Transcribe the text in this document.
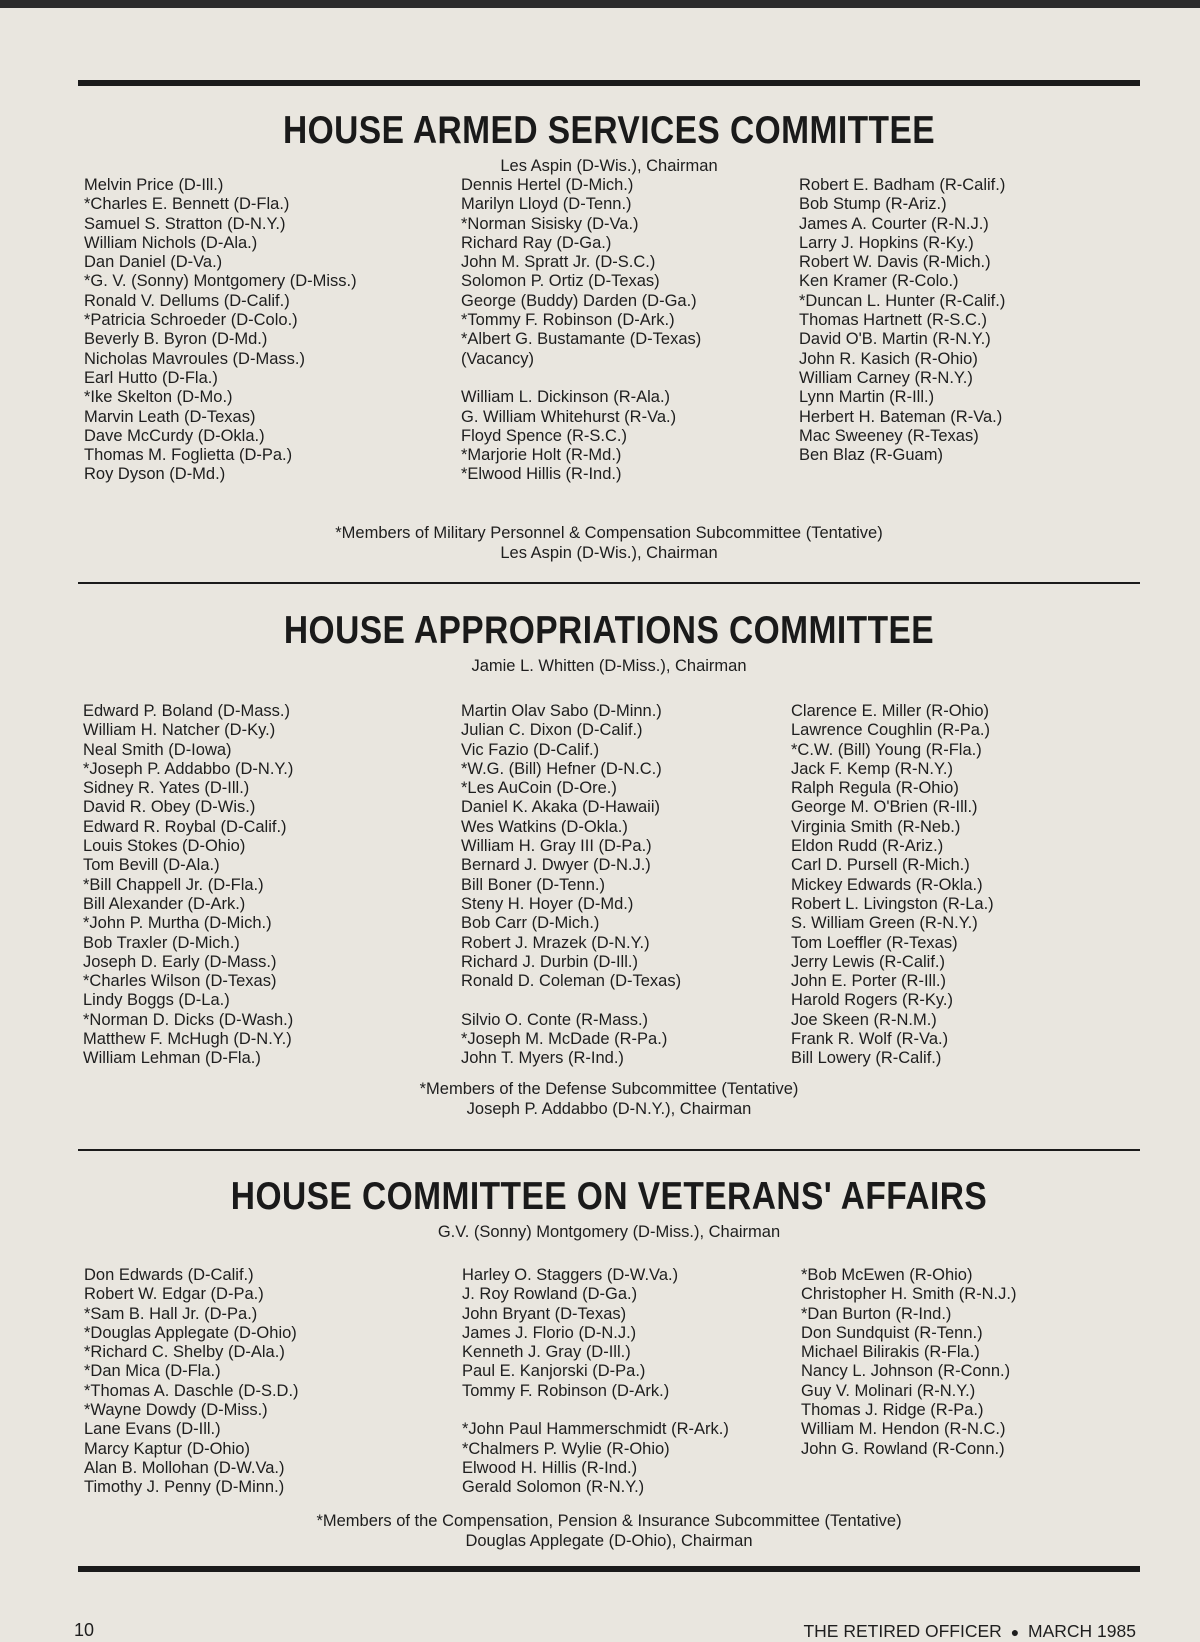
HOUSE ARMED SERVICES COMMITTEE
Les Aspin (D-Wis.), Chairman
Melvin Price (D-Ill.)
*Charles E. Bennett (D-Fla.)
Samuel S. Stratton (D-N.Y.)
William Nichols (D-Ala.)
Dan Daniel (D-Va.)
*G. V. (Sonny) Montgomery (D-Miss.)
Ronald V. Dellums (D-Calif.)
*Patricia Schroeder (D-Colo.)
Beverly B. Byron (D-Md.)
Nicholas Mavroules (D-Mass.)
Earl Hutto (D-Fla.)
*Ike Skelton (D-Mo.)
Marvin Leath (D-Texas)
Dave McCurdy (D-Okla.)
Thomas M. Foglietta (D-Pa.)
Roy Dyson (D-Md.)
Dennis Hertel (D-Mich.)
Marilyn Lloyd (D-Tenn.)
*Norman Sisisky (D-Va.)
Richard Ray (D-Ga.)
John M. Spratt Jr. (D-S.C.)
Solomon P. Ortiz (D-Texas)
George (Buddy) Darden (D-Ga.)
*Tommy F. Robinson (D-Ark.)
*Albert G. Bustamante (D-Texas)
(Vacancy)
William L. Dickinson (R-Ala.)
G. William Whitehurst (R-Va.)
Floyd Spence (R-S.C.)
*Marjorie Holt (R-Md.)
*Elwood Hillis (R-Ind.)
Robert E. Badham (R-Calif.)
Bob Stump (R-Ariz.)
James A. Courter (R-N.J.)
Larry J. Hopkins (R-Ky.)
Robert W. Davis (R-Mich.)
Ken Kramer (R-Colo.)
*Duncan L. Hunter (R-Calif.)
Thomas Hartnett (R-S.C.)
David O'B. Martin (R-N.Y.)
John R. Kasich (R-Ohio)
William Carney (R-N.Y.)
Lynn Martin (R-Ill.)
Herbert H. Bateman (R-Va.)
Mac Sweeney (R-Texas)
Ben Blaz (R-Guam)
*Members of Military Personnel & Compensation Subcommittee (Tentative)
Les Aspin (D-Wis.), Chairman
HOUSE APPROPRIATIONS COMMITTEE
Jamie L. Whitten (D-Miss.), Chairman
Edward P. Boland (D-Mass.)
William H. Natcher (D-Ky.)
Neal Smith (D-Iowa)
*Joseph P. Addabbo (D-N.Y.)
Sidney R. Yates (D-Ill.)
David R. Obey (D-Wis.)
Edward R. Roybal (D-Calif.)
Louis Stokes (D-Ohio)
Tom Bevill (D-Ala.)
*Bill Chappell Jr. (D-Fla.)
Bill Alexander (D-Ark.)
*John P. Murtha (D-Mich.)
Bob Traxler (D-Mich.)
Joseph D. Early (D-Mass.)
*Charles Wilson (D-Texas)
Lindy Boggs (D-La.)
*Norman D. Dicks (D-Wash.)
Matthew F. McHugh (D-N.Y.)
William Lehman (D-Fla.)
Martin Olav Sabo (D-Minn.)
Julian C. Dixon (D-Calif.)
Vic Fazio (D-Calif.)
*W.G. (Bill) Hefner (D-N.C.)
*Les AuCoin (D-Ore.)
Daniel K. Akaka (D-Hawaii)
Wes Watkins (D-Okla.)
William H. Gray III (D-Pa.)
Bernard J. Dwyer (D-N.J.)
Bill Boner (D-Tenn.)
Steny H. Hoyer (D-Md.)
Bob Carr (D-Mich.)
Robert J. Mrazek (D-N.Y.)
Richard J. Durbin (D-Ill.)
Ronald D. Coleman (D-Texas)
Silvio O. Conte (R-Mass.)
*Joseph M. McDade (R-Pa.)
John T. Myers (R-Ind.)
Clarence E. Miller (R-Ohio)
Lawrence Coughlin (R-Pa.)
*C.W. (Bill) Young (R-Fla.)
Jack F. Kemp (R-N.Y.)
Ralph Regula (R-Ohio)
George M. O'Brien (R-Ill.)
Virginia Smith (R-Neb.)
Eldon Rudd (R-Ariz.)
Carl D. Pursell (R-Mich.)
Mickey Edwards (R-Okla.)
Robert L. Livingston (R-La.)
S. William Green (R-N.Y.)
Tom Loeffler (R-Texas)
Jerry Lewis (R-Calif.)
John E. Porter (R-Ill.)
Harold Rogers (R-Ky.)
Joe Skeen (R-N.M.)
Frank R. Wolf (R-Va.)
Bill Lowery (R-Calif.)
*Members of the Defense Subcommittee (Tentative)
Joseph P. Addabbo (D-N.Y.), Chairman
HOUSE COMMITTEE ON VETERANS' AFFAIRS
G.V. (Sonny) Montgomery (D-Miss.), Chairman
Don Edwards (D-Calif.)
Robert W. Edgar (D-Pa.)
*Sam B. Hall Jr. (D-Pa.)
*Douglas Applegate (D-Ohio)
*Richard C. Shelby (D-Ala.)
*Dan Mica (D-Fla.)
*Thomas A. Daschle (D-S.D.)
*Wayne Dowdy (D-Miss.)
Lane Evans (D-Ill.)
Marcy Kaptur (D-Ohio)
Alan B. Mollohan (D-W.Va.)
Timothy J. Penny (D-Minn.)
Harley O. Staggers (D-W.Va.)
J. Roy Rowland (D-Ga.)
John Bryant (D-Texas)
James J. Florio (D-N.J.)
Kenneth J. Gray (D-Ill.)
Paul E. Kanjorski (D-Pa.)
Tommy F. Robinson (D-Ark.)
*John Paul Hammerschmidt (R-Ark.)
*Chalmers P. Wylie (R-Ohio)
Elwood H. Hillis (R-Ind.)
Gerald Solomon (R-N.Y.)
*Bob McEwen (R-Ohio)
Christopher H. Smith (R-N.J.)
*Dan Burton (R-Ind.)
Don Sundquist (R-Tenn.)
Michael Bilirakis (R-Fla.)
Nancy L. Johnson (R-Conn.)
Guy V. Molinari (R-N.Y.)
Thomas J. Ridge (R-Pa.)
William M. Hendon (R-N.C.)
John G. Rowland (R-Conn.)
*Members of the Compensation, Pension & Insurance Subcommittee (Tentative)
Douglas Applegate (D-Ohio), Chairman
10	THE RETIRED OFFICER ● MARCH 1985
